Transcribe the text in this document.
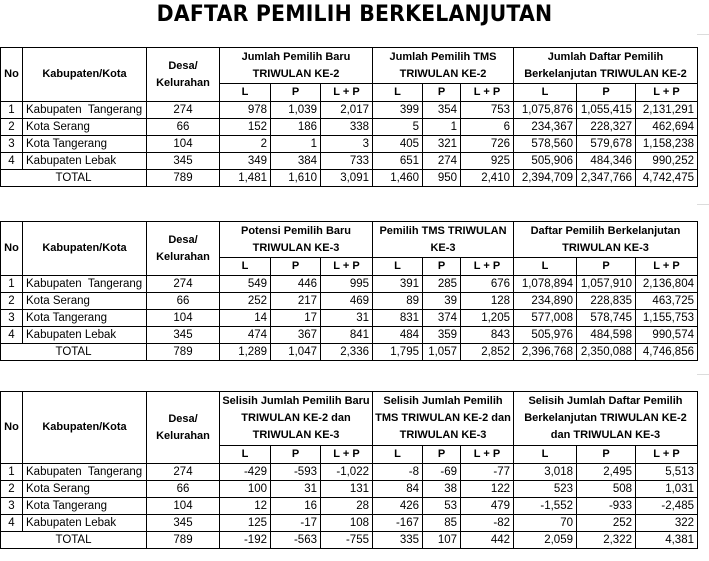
DAFTAR PEMILIH BERKELANJUTAN
No	Kabupaten/Kota	Desa/ Kelurahan	Jumlah Pemilih Baru TRIWULAN KE-2			Jumlah Pemilih TMS TRIWULAN KE-2			Jumlah Daftar Pemilih Berkelanjutan TRIWULAN KE-2		
			L	P	L + P	L	P	L + P	L	P	L + P
1	Kabupaten  Tangerang	274	978	1,039	2,017	399	354	753	1,075,876	1,055,415	2,131,291
2	Kota Serang	66	152	186	338	5	1	6	234,367	228,327	462,694
3	Kota Tangerang	104	2	1	3	405	321	726	578,560	579,678	1,158,238
4	Kabupaten Lebak	345	349	384	733	651	274	925	505,906	484,346	990,252
TOTAL		789	1,481	1,610	3,091	1,460	950	2,410	2,394,709	2,347,766	4,742,475
No	Kabupaten/Kota	Desa/ Kelurahan	Potensi Pemilih Baru TRIWULAN KE-3			Pemilih TMS TRIWULAN KE-3			Daftar Pemilih Berkelanjutan TRIWULAN KE-3		
			L	P	L + P	L	P	L + P	L	P	L + P
1	Kabupaten  Tangerang	274	549	446	995	391	285	676	1,078,894	1,057,910	2,136,804
2	Kota Serang	66	252	217	469	89	39	128	234,890	228,835	463,725
3	Kota Tangerang	104	14	17	31	831	374	1,205	577,008	578,745	1,155,753
4	Kabupaten Lebak	345	474	367	841	484	359	843	505,976	484,598	990,574
TOTAL		789	1,289	1,047	2,336	1,795	1,057	2,852	2,396,768	2,350,088	4,746,856
No	Kabupaten/Kota	Desa/ Kelurahan	Selisih Jumlah Pemilih Baru TRIWULAN KE-2 dan TRIWULAN KE-3			Selisih Jumlah Pemilih TMS TRIWULAN KE-2 dan TRIWULAN KE-3			Selisih Jumlah Daftar Pemilih Berkelanjutan TRIWULAN KE-2 dan TRIWULAN KE-3		
			L	P	L + P	L	P	L + P	L	P	L + P
1	Kabupaten  Tangerang	274	-429	-593	-1,022	-8	-69	-77	3,018	2,495	5,513
2	Kota Serang	66	100	31	131	84	38	122	523	508	1,031
3	Kota Tangerang	104	12	16	28	426	53	479	-1,552	-933	-2,485
4	Kabupaten Lebak	345	125	-17	108	-167	85	-82	70	252	322
TOTAL		789	-192	-563	-755	335	107	442	2,059	2,322	4,381
